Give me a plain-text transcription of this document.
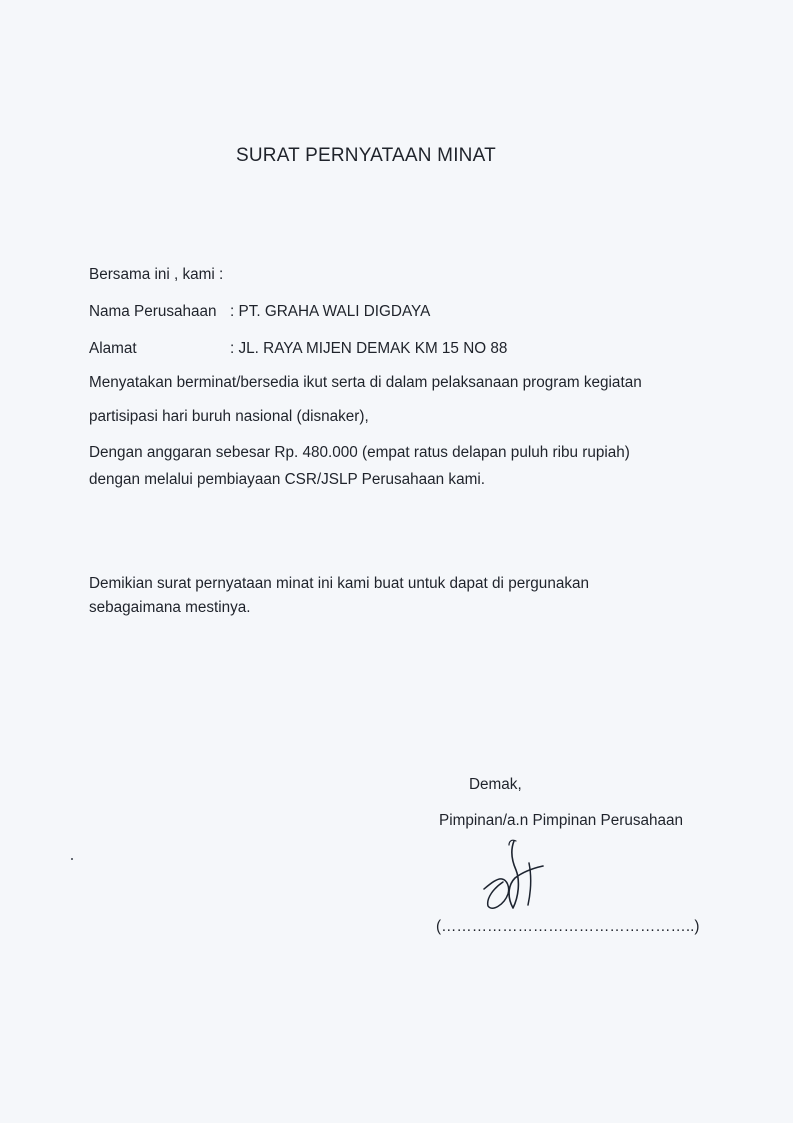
SURAT PERNYATAAN MINAT
Bersama ini , kami :
Nama Perusahaan : PT. GRAHA WALI DIGDAYA
Alamat	: JL. RAYA MIJEN DEMAK KM 15 NO 88
Menyatakan berminat/bersedia ikut serta di dalam pelaksanaan program kegiatan
partisipasi hari buruh nasional (disnaker),
Dengan anggaran sebesar Rp. 480.000 (empat ratus delapan puluh ribu rupiah)
dengan melalui pembiayaan CSR/JSLP Perusahaan kami.
Demikian surat pernyataan minat ini kami buat untuk dapat di pergunakan
sebagaimana mestinya.
Demak,
Pimpinan/a.n Pimpinan Perusahaan
(…………………………………………..)
